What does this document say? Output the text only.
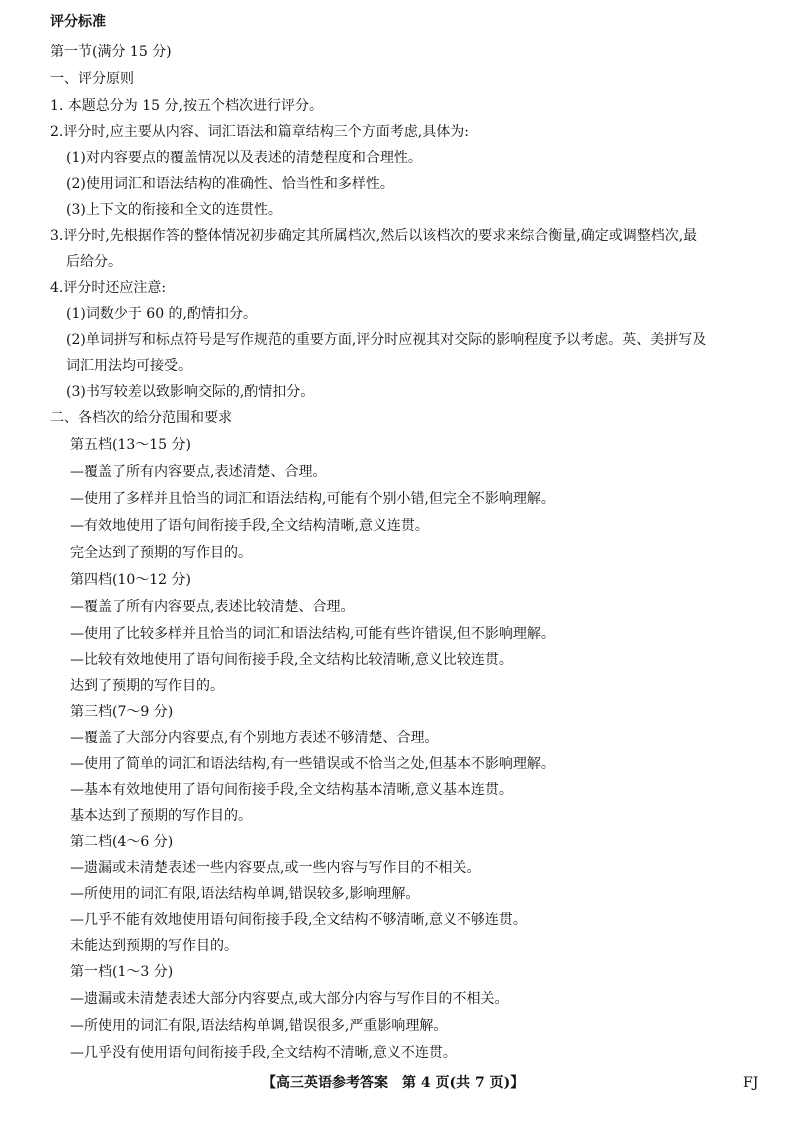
评分标准
第一节(满分 15 分)
一、评分原则
1. 本题总分为 15 分,按五个档次进行评分。
2.评分时,应主要从内容、词汇语法和篇章结构三个方面考虑,具体为:
(1)对内容要点的覆盖情况以及表述的清楚程度和合理性。
(2)使用词汇和语法结构的准确性、恰当性和多样性。
(3)上下文的衔接和全文的连贯性。
3.评分时,先根据作答的整体情况初步确定其所属档次,然后以该档次的要求来综合衡量,确定或调整档次,最
后给分。
4.评分时还应注意:
(1)词数少于 60 的,酌情扣分。
(2)单词拼写和标点符号是写作规范的重要方面,评分时应视其对交际的影响程度予以考虑。英、美拼写及
词汇用法均可接受。
(3)书写较差以致影响交际的,酌情扣分。
二、各档次的给分范围和要求
第五档(13～15 分)
—覆盖了所有内容要点,表述清楚、合理。
—使用了多样并且恰当的词汇和语法结构,可能有个别小错,但完全不影响理解。
—有效地使用了语句间衔接手段,全文结构清晰,意义连贯。
完全达到了预期的写作目的。
第四档(10～12 分)
—覆盖了所有内容要点,表述比较清楚、合理。
—使用了比较多样并且恰当的词汇和语法结构,可能有些许错误,但不影响理解。
—比较有效地使用了语句间衔接手段,全文结构比较清晰,意义比较连贯。
达到了预期的写作目的。
第三档(7～9 分)
—覆盖了大部分内容要点,有个别地方表述不够清楚、合理。
—使用了简单的词汇和语法结构,有一些错误或不恰当之处,但基本不影响理解。
—基本有效地使用了语句间衔接手段,全文结构基本清晰,意义基本连贯。
基本达到了预期的写作目的。
第二档(4～6 分)
—遗漏或未清楚表述一些内容要点,或一些内容与写作目的不相关。
—所使用的词汇有限,语法结构单调,错误较多,影响理解。
—几乎不能有效地使用语句间衔接手段,全文结构不够清晰,意义不够连贯。
未能达到预期的写作目的。
第一档(1～3 分)
—遗漏或未清楚表述大部分内容要点,或大部分内容与写作目的不相关。
—所使用的词汇有限,语法结构单调,错误很多,严重影响理解。
—几乎没有使用语句间衔接手段,全文结构不清晰,意义不连贯。
【高三英语参考答案　第 4 页(共 7 页)】	FJ
